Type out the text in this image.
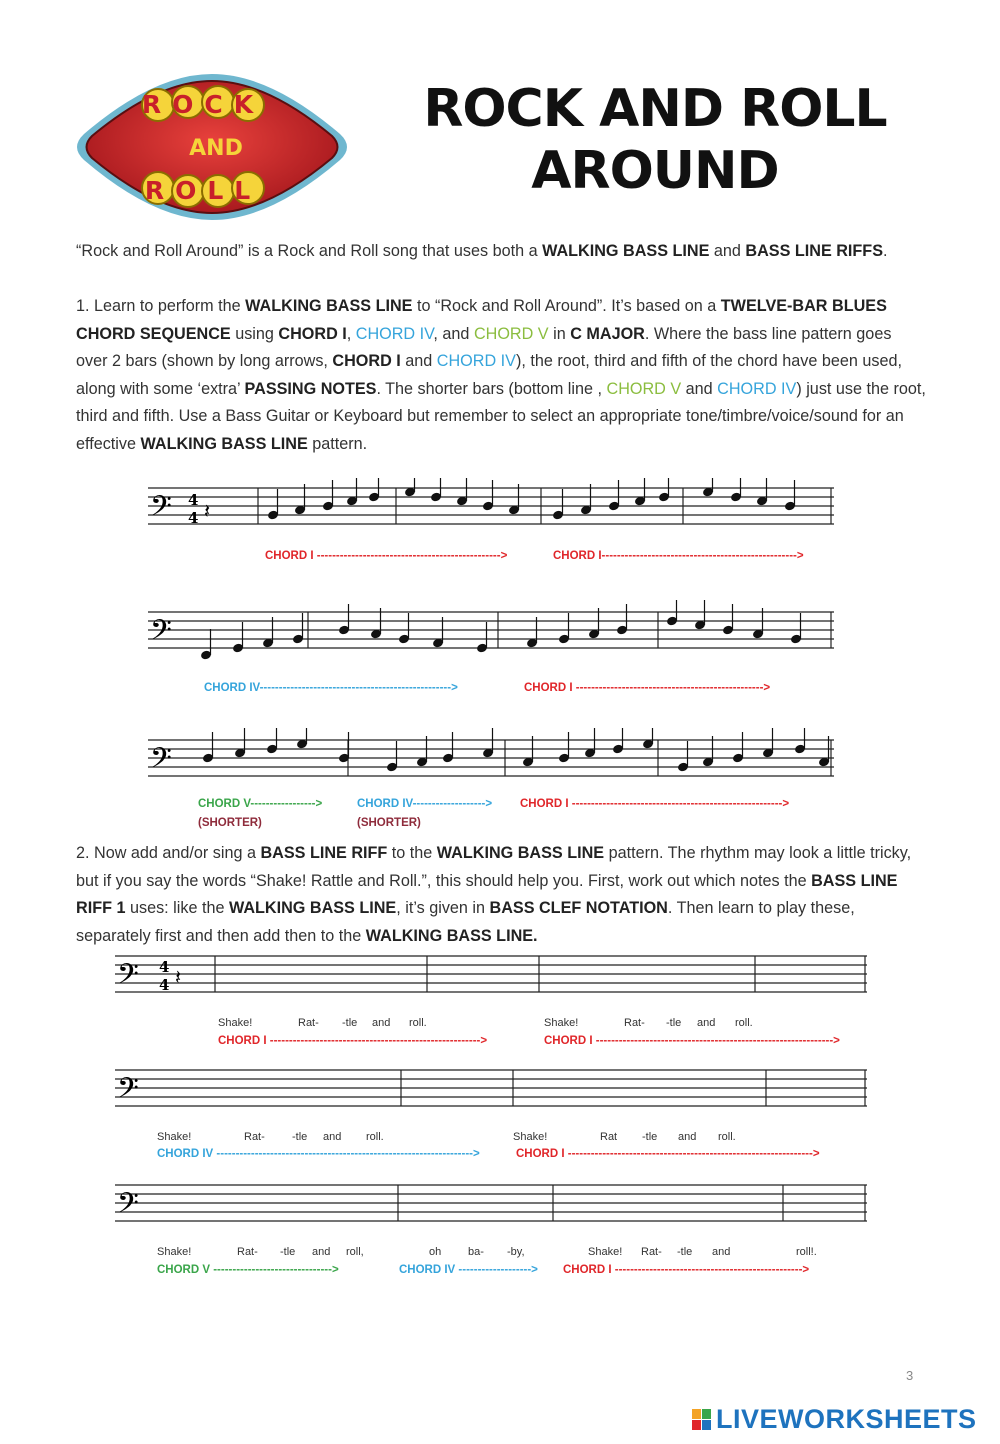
ROCK
AND
ROLL
ROCK AND ROLL
AROUND
“Rock and Roll Around” is a Rock and Roll song that uses both a WALKING BASS LINE and BASS LINE RIFFS.
1. Learn to perform the WALKING BASS LINE to “Rock and Roll Around”. It’s based on a TWELVE-BAR BLUES CHORD SEQUENCE using CHORD I, CHORD IV, and CHORD V in C MAJOR. Where the bass line pattern goes over 2 bars (shown by long arrows, CHORD I and CHORD IV), the root, third and fifth of the chord have been used, along with some ‘extra’ PASSING NOTES. The shorter bars (bottom line , CHORD V and CHORD IV) just use the root, third and fifth. Use a Bass Guitar or Keyboard but remember to select an appropriate tone/timbre/voice/sound for an effective WALKING BASS LINE pattern.
𝄢 4
4 𝄽
CHORD I ------------------------------------------------>	CHORD I--------------------------------------------------->
𝄢
CHORD IV-------------------------------------------------->	CHORD I ------------------------------------------------->
𝄢
CHORD V----------------->	CHORD IV-------------------> CHORD I ------------------------------------------------------->
(SHORTER)	(SHORTER)
2. Now add and/or sing a BASS LINE RIFF to the WALKING BASS LINE pattern. The rhythm may look a little tricky, but if you say the words “Shake! Rattle and Roll.”, this should help you. First, work out which notes the BASS LINE RIFF 1 uses: like the WALKING BASS LINE, it’s given in BASS CLEF NOTATION. Then learn to play these, separately first and then add then to the WALKING BASS LINE.
𝄢 4
4 𝄽
Shake!	Rat- -tle and roll.	Shake!	Rat- -tle and roll.
CHORD I ------------------------------------------------------->	CHORD I -------------------------------------------------------------->
𝄢
Shake!	Rat- -tle and roll.	Shake!	Rat -tle and roll.
CHORD IV ------------------------------------------------------------------->	CHORD I ---------------------------------------------------------------->
𝄢
Shake!	Rat- -tle and roll,	oh ba- -by,	Shake! Rat- -tle and	roll!.
CHORD V ------------------------------->	CHORD IV -------------------> CHORD I ------------------------------------------------->
3
LIVEWORKSHEETS
